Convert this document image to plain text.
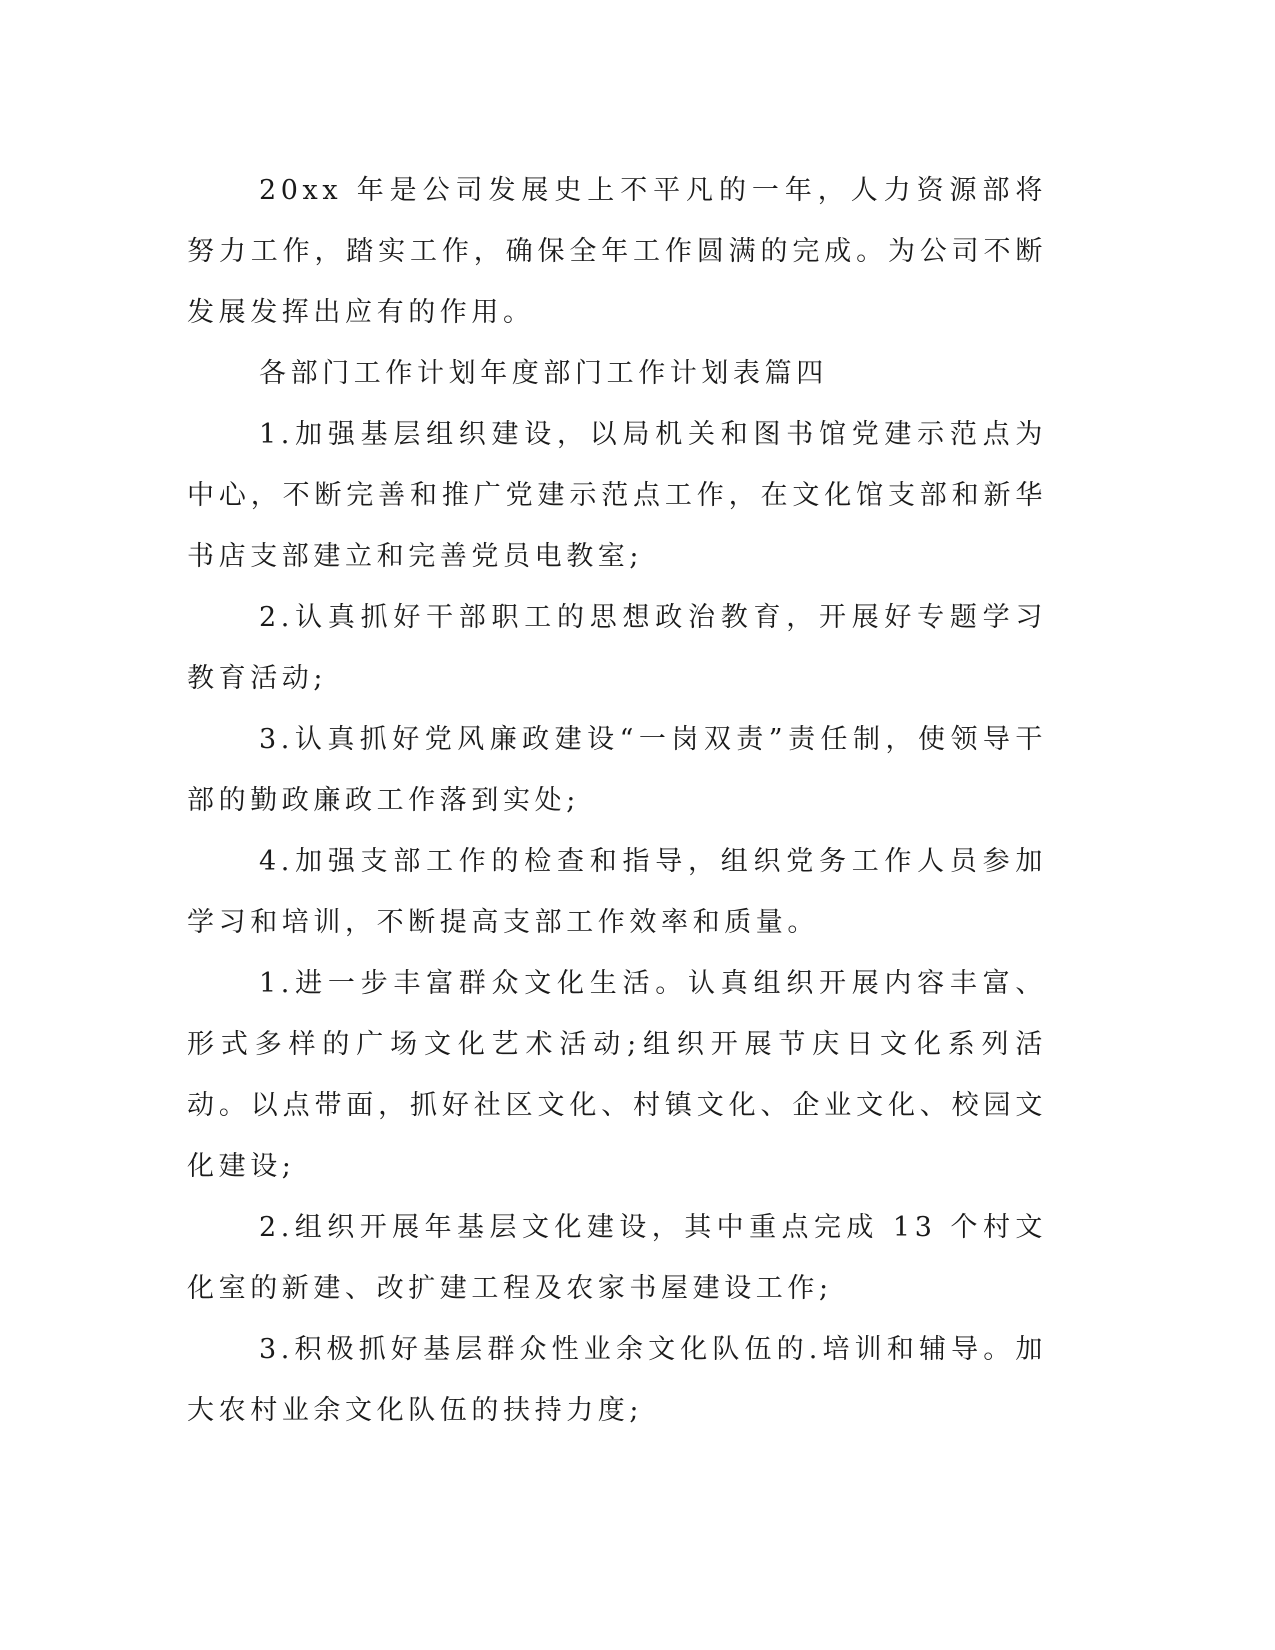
20xx 年是公司发展史上不平凡的一年，人力资源部将努力工作，踏实工作，确保全年工作圆满的完成。为公司不断发展发挥出应有的作用。

各部门工作计划年度部门工作计划表篇四

1.加强基层组织建设，以局机关和图书馆党建示范点为中心，不断完善和推广党建示范点工作，在文化馆支部和新华书店支部建立和完善党员电教室;

2.认真抓好干部职工的思想政治教育，开展好专题学习教育活动;

3.认真抓好党风廉政建设“一岗双责”责任制，使领导干部的勤政廉政工作落到实处;

4.加强支部工作的检查和指导，组织党务工作人员参加学习和培训，不断提高支部工作效率和质量。

1.进一步丰富群众文化生活。认真组织开展内容丰富、形式多样的广场文化艺术活动;组织开展节庆日文化系列活动。以点带面，抓好社区文化、村镇文化、企业文化、校园文化建设;

2.组织开展年基层文化建设，其中重点完成 13 个村文化室的新建、改扩建工程及农家书屋建设工作;

3.积极抓好基层群众性业余文化队伍的.培训和辅导。加大农村业余文化队伍的扶持力度;
